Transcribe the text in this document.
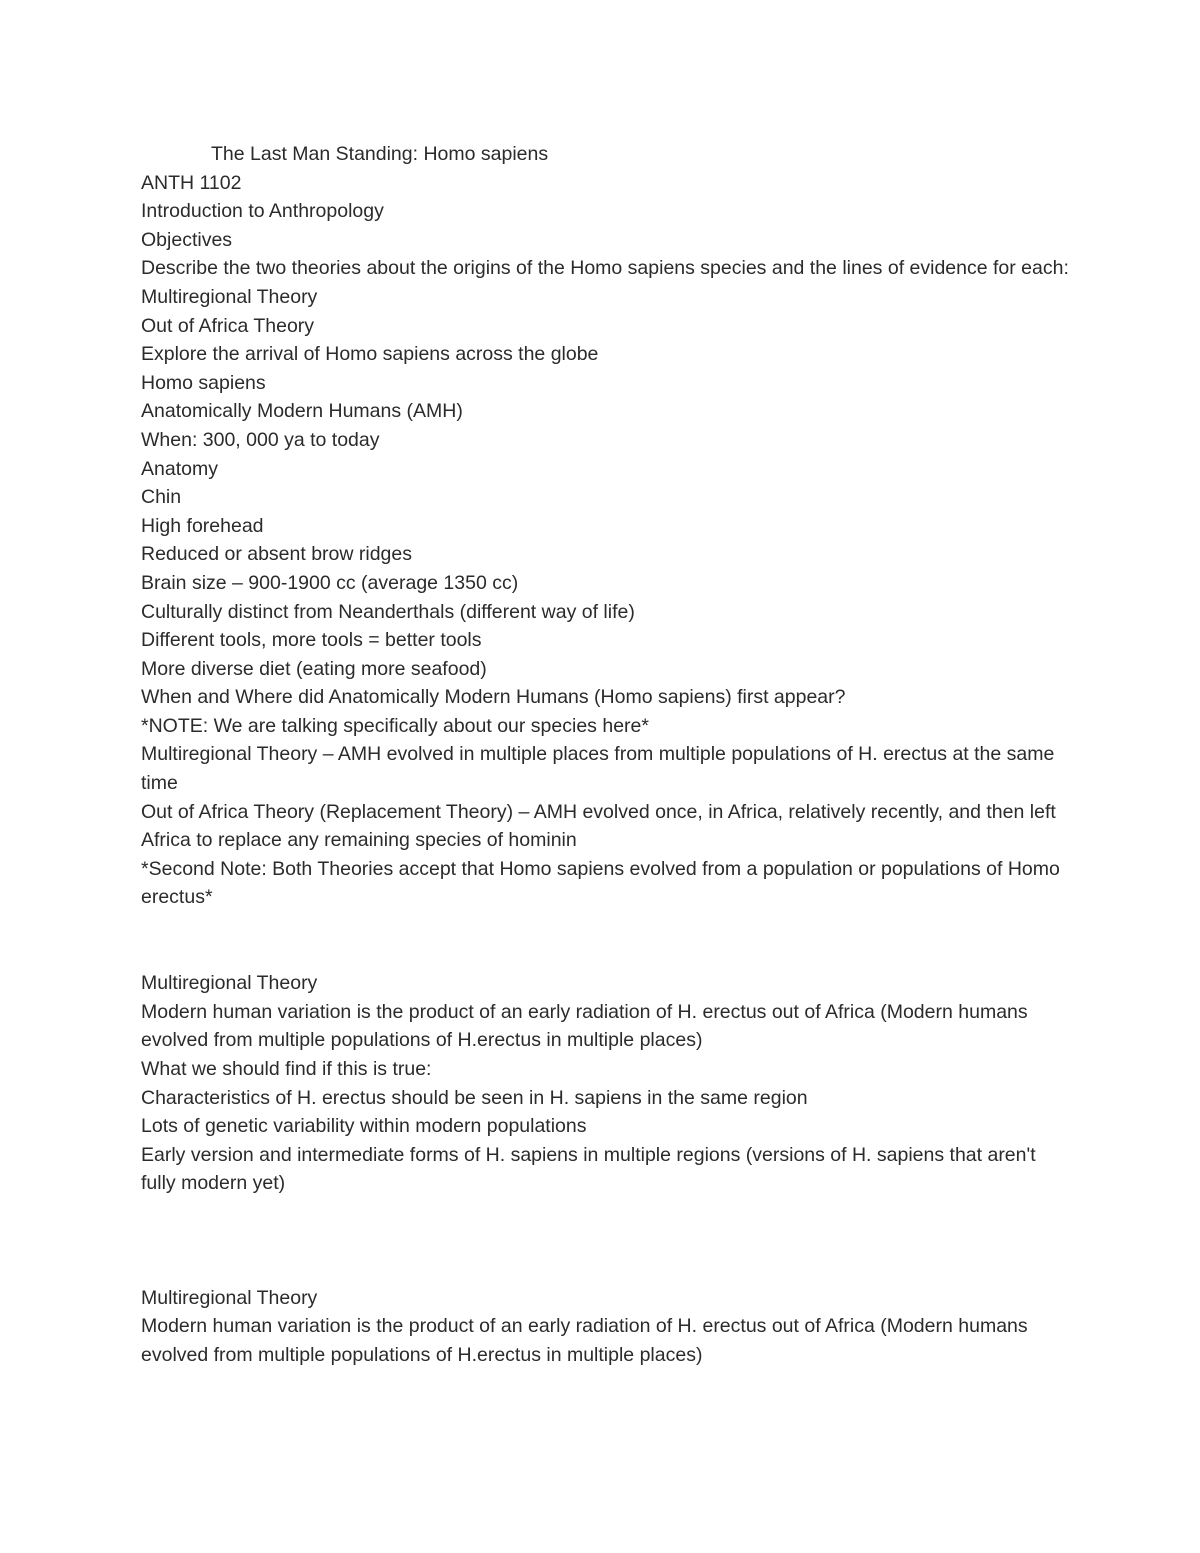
The Last Man Standing: Homo sapiens
ANTH 1102
Introduction to Anthropology
Objectives
Describe the two theories about the origins of the Homo sapiens species and the lines of evidence for each:
Multiregional Theory
Out of Africa Theory
Explore the arrival of Homo sapiens across the globe
Homo sapiens
Anatomically Modern Humans (AMH)
When: 300, 000 ya to today
Anatomy
Chin
High forehead
Reduced or absent brow ridges
Brain size – 900-1900 cc (average 1350 cc)
Culturally distinct from Neanderthals (different way of life)
Different tools, more tools = better tools
More diverse diet (eating more seafood)
When and Where did Anatomically Modern Humans (Homo sapiens) first appear?
*NOTE: We are talking specifically about our species here*
Multiregional Theory – AMH evolved in multiple places from multiple populations of H. erectus at the same time
Out of Africa Theory (Replacement Theory) – AMH evolved once, in Africa, relatively recently, and then left Africa to replace any remaining species of hominin
*Second Note: Both Theories accept that Homo sapiens evolved from a population or populations of Homo erectus*
Multiregional Theory
Modern human variation is the product of an early radiation of H. erectus out of Africa (Modern humans evolved from multiple populations of H.erectus in multiple places)
What we should find if this is true:
Characteristics of H. erectus should be seen in H. sapiens in the same region
Lots of genetic variability within modern populations
Early version and intermediate forms of H. sapiens in multiple regions (versions of H. sapiens that aren't fully modern yet)
Multiregional Theory
Modern human variation is the product of an early radiation of H. erectus out of Africa (Modern humans evolved from multiple populations of H.erectus in multiple places)
